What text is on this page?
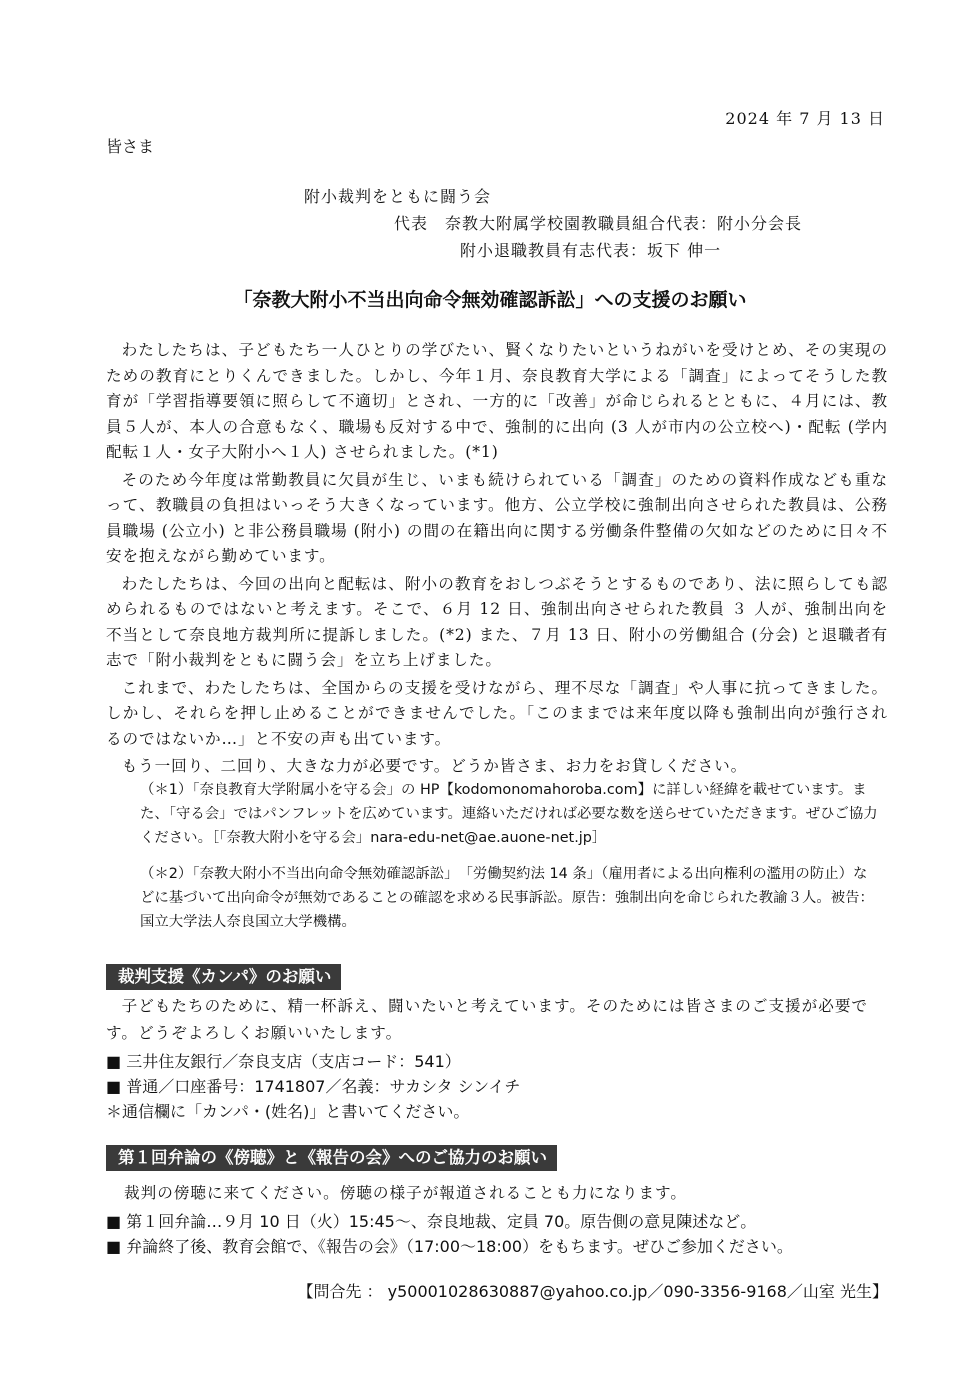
2024 年 7 月 13 日
皆さま
附小裁判をともに闘う会
代表　奈教大附属学校園教職員組合代表：附小分会長
附小退職教員有志代表：坂下 伸一
「奈教大附小不当出向命令無効確認訴訟」への支援のお願い

わたしたちは、子どもたち一人ひとりの学びたい、賢くなりたいというねがいを受けとめ、その実現のための教育にとりくんできました。しかし、今年１月、奈良教育大学による「調査」によってそうした教育が「学習指導要領に照らして不適切」とされ、一方的に「改善」が命じられるとともに、４月には、教員５人が、本人の合意もなく、職場も反対する中で、強制的に出向 (3 人が市内の公立校へ)・配転 (学内配転１人・女子大附小へ１人) させられました。(*1)

そのため今年度は常勤教員に欠員が生じ、いまも続けられている「調査」のための資料作成なども重なって、教職員の負担はいっそう大きくなっています。他方、公立学校に強制出向させられた教員は、公務員職場 (公立小) と非公務員職場 (附小) の間の在籍出向に関する労働条件整備の欠如などのために日々不安を抱えながら勤めています。

わたしたちは、今回の出向と配転は、附小の教育をおしつぶそうとするものであり、法に照らしても認められるものではないと考えます。そこで、６月 12 日、強制出向させられた教員 ３ 人が、強制出向を不当として奈良地方裁判所に提訴しました。(*2) また、７月 13 日、附小の労働組合 (分会) と退職者有志で「附小裁判をともに闘う会」を立ち上げました。

これまで、わたしたちは、全国からの支援を受けながら、理不尽な「調査」や人事に抗ってきました。しかし、それらを押し止めることができませんでした。「このままでは来年度以降も強制出向が強行されるのではないか…」と不安の声も出ています。

もう一回り、二回り、大きな力が必要です。どうか皆さま、お力をお貸しください。

（＊1）「奈良教育大学附属小を守る会」の HP【kodomonomahoroba.com】に詳しい経緯を載せています。また、「守る会」ではパンフレットを広めています。連絡いただければ必要な数を送らせていただきます。ぜひご協力ください。［「奈教大附小を守る会」nara-edu-net@ae.auone-net.jp］

（＊2）「奈教大附小不当出向命令無効確認訴訟」　「労働契約法 14 条」（雇用者による出向権利の濫用の防止）などに基づいて出向命令が無効であることの確認を求める民事訴訟。原告：強制出向を命じられた教諭３人。被告：国立大学法人奈良国立大学機構。

裁判支援《カンパ》のお願い

子どもたちのために、精一杯訴え、闘いたいと考えています。そのためには皆さまのご支援が必要です。どうぞよろしくお願いいたします。

■ 三井住友銀行／奈良支店（支店コード：541）
■ 普通／口座番号：1741807／名義：サカシタ シンイチ
＊通信欄に「カンパ・(姓名)」と書いてください。
第１回弁論の《傍聴》と《報告の会》へのご協力のお願い
裁判の傍聴に来てください。傍聴の様子が報道されることも力になります。
■ 第１回弁論…９月 10 日（火）15:45～、奈良地裁、定員 70。原告側の意見陳述など。
■ 弁論終了後、教育会館で、《報告の会》（17:00～18:00）をもちます。ぜひご参加ください。
【問合先 ： y50001028630887@yahoo.co.jp／090-3356-9168／山室 光生】
